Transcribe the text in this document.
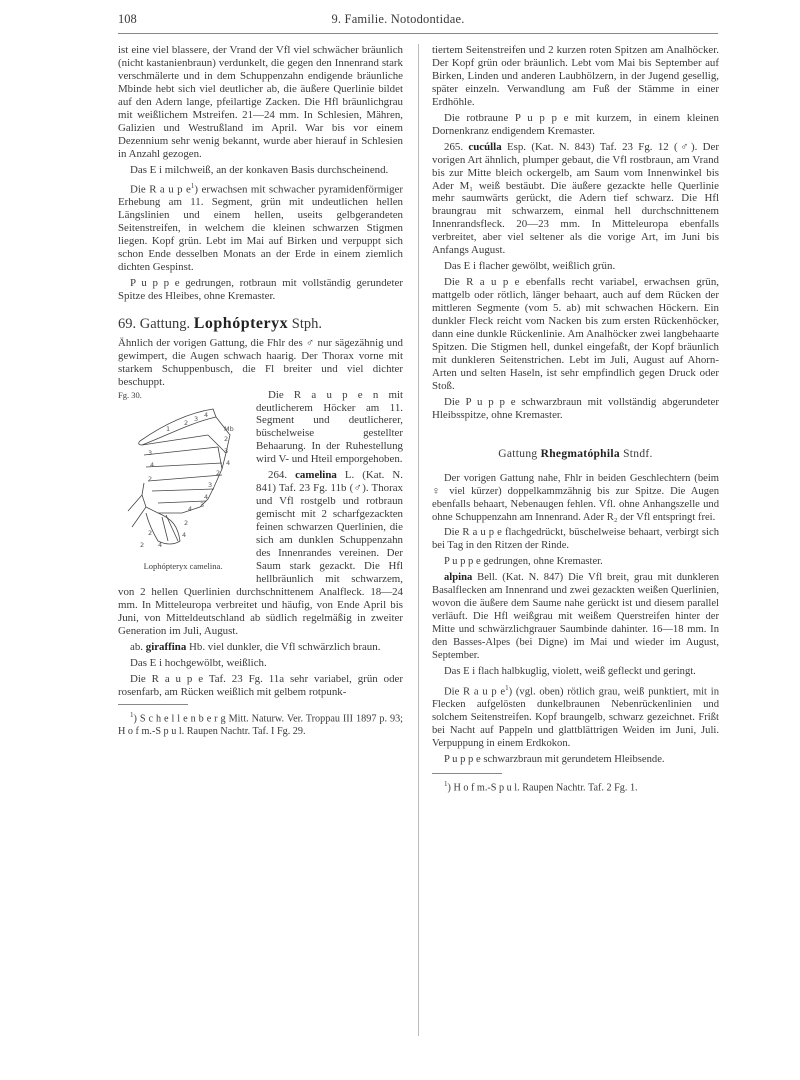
108	9. Familie. Notodontidae.

ist eine viel blassere, der Vrand der Vfl viel schwächer bräunlich (nicht kastanienbraun) verdunkelt, die gegen den Innenrand stark verschmälerte und in dem Schuppenzahn endigende bräunliche Mbinde hebt sich viel deutlicher ab, die äußere Querlinie bildet auf den Adern lange, pfeilartige Zacken. Die Hfl bräunlichgrau mit weißlichem Mstreifen. 21—24 mm. In Schlesien, Mähren, Galizien und Westrußland im April. War bis vor einem Dezennium sehr wenig bekannt, wurde aber hierauf in Schlesien in Anzahl gezogen.

Das E i milchweiß, an der konkaven Basis durchscheinend.

Die R a u p $e^1$) erwachsen mit schwacher pyramidenförmiger Erhebung am 11. Segment, grün mit undeutlichen hellen Längslinien und einem hellen, useits gelbgerandeten Seitenstreifen, in welchem die kleinen schwarzen Stigmen liegen. Kopf grün. Lebt im Mai auf Birken und verpuppt sich schon Ende desselben Monats an der Erde in einem ziemlich dichten Gespinst.

P u p p e gedrungen, rotbraun mit vollständig gerundeter Spitze des Hleibes, ohne Kremaster.

69. Gattung. Lophópteryx Stph.

Ähnlich der vorigen Gattung, die Fhlr des ♂ nur sägezähnig und gewimpert, die Augen schwach haarig. Der Thorax vorne mit starkem Schuppenbusch, die Fl breiter und viel dichter beschuppt.

Fg. 30.
2 3 4
1	Mb
2
3
4
2
3
4
3
4
2
4 3
2
4
2
4
2
Lophópteryx camelina.

Die R a u p e n mit deutlicherem Höcker am 11. Segment und deutlicherer, büschelweise gestellter Behaarung. In der Ruhestellung wird V- und Hteil emporgehoben.

264. camelina L. (Kat. N. 841) Taf. 23 Fg. 11b (♂). Thorax und Vfl rostgelb und rotbraun gemischt mit 2 scharfgezackten feinen schwarzen Querlinien, die sich am dunklen Schuppenzahn des Innenrandes vereinen. Der Saum stark gezackt. Die Hfl hellbräunlich mit schwarzem, von 2 hellen Querlinien durchschnittenem Analfleck. 18—24 mm. In Mitteleuropa verbreitet und häufig, von Ende April bis Juni, von Mitteldeutschland ab südlich regelmäßig in zweiter Generation im Juli, August.

ab. giraffina Hb. viel dunkler, die Vfl schwärzlich braun.

Das E i hochgewölbt, weißlich.

Die R a u p e Taf. 23 Fg. 11a sehr variabel, grün oder rosenfarb, am Rücken weißlich mit gelbem rotpunk-

$^1$) S c h e l l e n b e r g Mitt. Naturw. Ver. Troppau III 1897 p. 93; H o f m.-S p u l. Raupen Nachtr. Taf. I Fg. 29.

tiertem Seitenstreifen und 2 kurzen roten Spitzen am Analhöcker. Der Kopf grün oder bräunlich. Lebt vom Mai bis September auf Birken, Linden und anderen Laubhölzern, in der Jugend gesellig, später einzeln. Verwandlung am Fuß der Stämme in einer Erdhöhle.

Die rotbraune P u p p e mit kurzem, in einem kleinen Dornenkranz endigendem Kremaster.

265. cucúlla Esp. (Kat. N. 843) Taf. 23 Fg. 12 (♂). Der vorigen Art ähnlich, plumper gebaut, die Vfl rostbraun, am Vrand bis zur Mitte bleich ockergelb, am Saum vom Innenwinkel bis Ader M₁ weiß bestäubt. Die äußere gezackte helle Querlinie mehr saumwärts gerückt, die Adern tief schwarz. Die Hfl braungrau mit schwarzem, einmal hell durchschnittenem Innenrandsfleck. 20—23 mm. In Mitteleuropa ebenfalls verbreitet, aber viel seltener als die vorige Art, im Juni bis Anfangs August.

Das E i flacher gewölbt, weißlich grün.

Die R a u p e ebenfalls recht variabel, erwachsen grün, mattgelb oder rötlich, länger behaart, auch auf dem Rücken der mittleren Segmente (vom 5. ab) mit schwachen Höckern. Ein dunkler Fleck reicht vom Nacken bis zum ersten Rückenhöcker, dann eine dunkle Rückenlinie. Am Analhöcker zwei langbehaarte Spitzen. Die Stigmen hell, dunkel eingefaßt, der Kopf bräunlich mit dunkleren Seitenstrichen. Lebt im Juli, August auf Ahorn-Arten und selten Haseln, ist sehr empfindlich gegen Druck oder Stoß.

Die P u p p e schwarzbraun mit vollständig abgerundeter Hleibsspitze, ohne Kremaster.

Gattung Rhegmatóphila Stndf.

Der vorigen Gattung nahe, Fhlr in beiden Geschlechtern (beim ♀ viel kürzer) doppelkammzähnig bis zur Spitze. Die Augen ebenfalls behaart, Nebenaugen fehlen. Vfl. ohne Anhangszelle und ohne Schuppenzahn am Innenrand. Ader R₂ der Vfl entspringt frei.

Die R a u p e flachgedrückt, büschelweise behaart, verbirgt sich bei Tag in den Ritzen der Rinde.

P u p p e gedrungen, ohne Kremaster.

alpina Bell. (Kat. N. 847) Die Vfl breit, grau mit dunkleren Basalflecken am Innenrand und zwei gezackten weißen Querlinien, wovon die äußere dem Saume nahe gerückt ist und diesem parallel verläuft. Die Hfl weißgrau mit weißem Querstreifen hinter der Mitte und schwärzlichgrauer Saumbinde dahinter. 16—18 mm. In den Basses-Alpes (bei Digne) im Mai und wieder im August, September.

Das E i flach halbkuglig, violett, weiß gefleckt und geringt.

Die R a u p $e^1$) (vgl. oben) rötlich grau, weiß punktiert, mit in Flecken aufgelösten dunkelbraunen Nebenrückenlinien und solchem Seitenstreifen. Kopf braungelb, schwarz gezeichnet. Frißt bei Nacht auf Pappeln und glattblättrigen Weiden im Juni, Juli. Verpuppung in einem Erdkokon.

P u p p e schwarzbraun mit gerundetem Hleibsende.

$^1$) H o f m.-S p u l. Raupen Nachtr. Taf. 2 Fg. 1.
